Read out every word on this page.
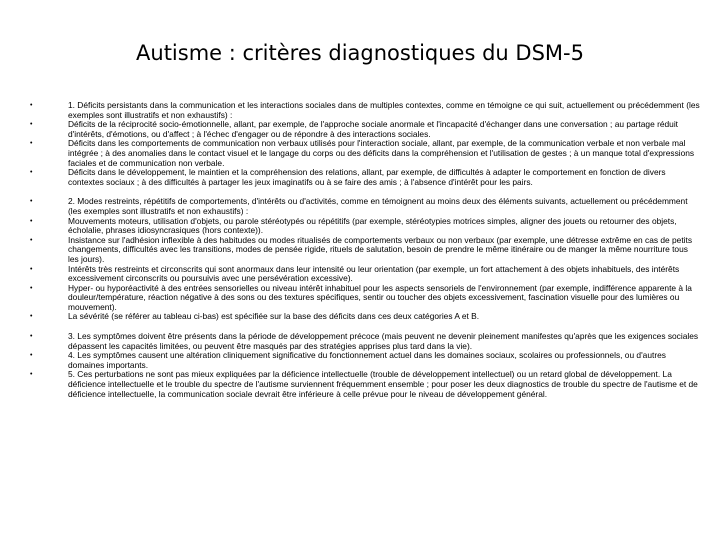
Autisme : critères diagnostiques du DSM-5
•	1. Déficits persistants dans la communication et les interactions sociales dans de multiples contextes, comme en témoigne ce qui suit, actuellement ou précédemment (les exemples sont illustratifs et non exhaustifs) :
•	Déficits de la réciprocité socio-émotionnelle, allant, par exemple, de l'approche sociale anormale et l'incapacité d'échanger dans une conversation ; au partage réduit d'intérêts, d'émotions, ou d'affect ; à l'échec d'engager ou de répondre à des interactions sociales.
•	Déficits dans les comportements de communication non verbaux utilisés pour l'interaction sociale, allant, par exemple, de la communication verbale et non verbale mal intégrée ; à des anomalies dans le contact visuel et le langage du corps ou des déficits dans la compréhension et l'utilisation de gestes ; à un manque total d'expressions faciales et de communication non verbale.
•	Déficits dans le développement, le maintien et la compréhension des relations, allant, par exemple, de difficultés à adapter le comportement en fonction de divers contextes sociaux ; à des difficultés à partager les jeux imaginatifs ou à se faire des amis ; à l'absence d'intérêt pour les pairs.
•	2. Modes restreints, répétitifs de comportements, d'intérêts ou d'activités, comme en témoignent au moins deux des éléments suivants, actuellement ou précédemment (les exemples sont illustratifs et non exhaustifs) :
•	Mouvements moteurs, utilisation d'objets, ou parole stéréotypés ou répétitifs (par exemple, stéréotypies motrices simples, aligner des jouets ou retourner des objets, écholalie, phrases idiosyncrasiques (hors contexte)).
•	Insistance sur l'adhésion inflexible à des habitudes ou modes ritualisés de comportements verbaux ou non verbaux (par exemple, une détresse extrême en cas de petits changements, difficultés avec les transitions, modes de pensée rigide, rituels de salutation, besoin de prendre le même itinéraire ou de manger la même nourriture tous les jours).
•	Intérêts très restreints et circonscrits qui sont anormaux dans leur intensité ou leur orientation (par exemple, un fort attachement à des objets inhabituels, des intérêts excessivement circonscrits ou poursuivis avec une persévération excessive).
•	Hyper- ou hyporéactivité à des entrées sensorielles ou niveau intérêt inhabituel pour les aspects sensoriels de l'environnement (par exemple, indifférence apparente à la douleur/température, réaction négative à des sons ou des textures spécifiques, sentir ou toucher des objets excessivement, fascination visuelle pour des lumières ou mouvement).
•	La sévérité (se référer au tableau ci-bas) est spécifiée sur la base des déficits dans ces deux catégories A et B.
•	3. Les symptômes doivent être présents dans la période de développement précoce (mais peuvent ne devenir pleinement manifestes qu'après que les exigences sociales dépassent les capacités limitées, ou peuvent être masqués par des stratégies apprises plus tard dans la vie).
•	4. Les symptômes causent une altération cliniquement significative du fonctionnement actuel dans les domaines sociaux, scolaires ou professionnels, ou d'autres domaines importants.
•	5. Ces perturbations ne sont pas mieux expliquées par la déficience intellectuelle (trouble de développement intellectuel) ou un retard global de développement. La déficience intellectuelle et le trouble du spectre de l'autisme surviennent fréquemment ensemble ; pour poser les deux diagnostics de trouble du spectre de l'autisme et de déficience intellectuelle, la communication sociale devrait être inférieure à celle prévue pour le niveau de développement général.
